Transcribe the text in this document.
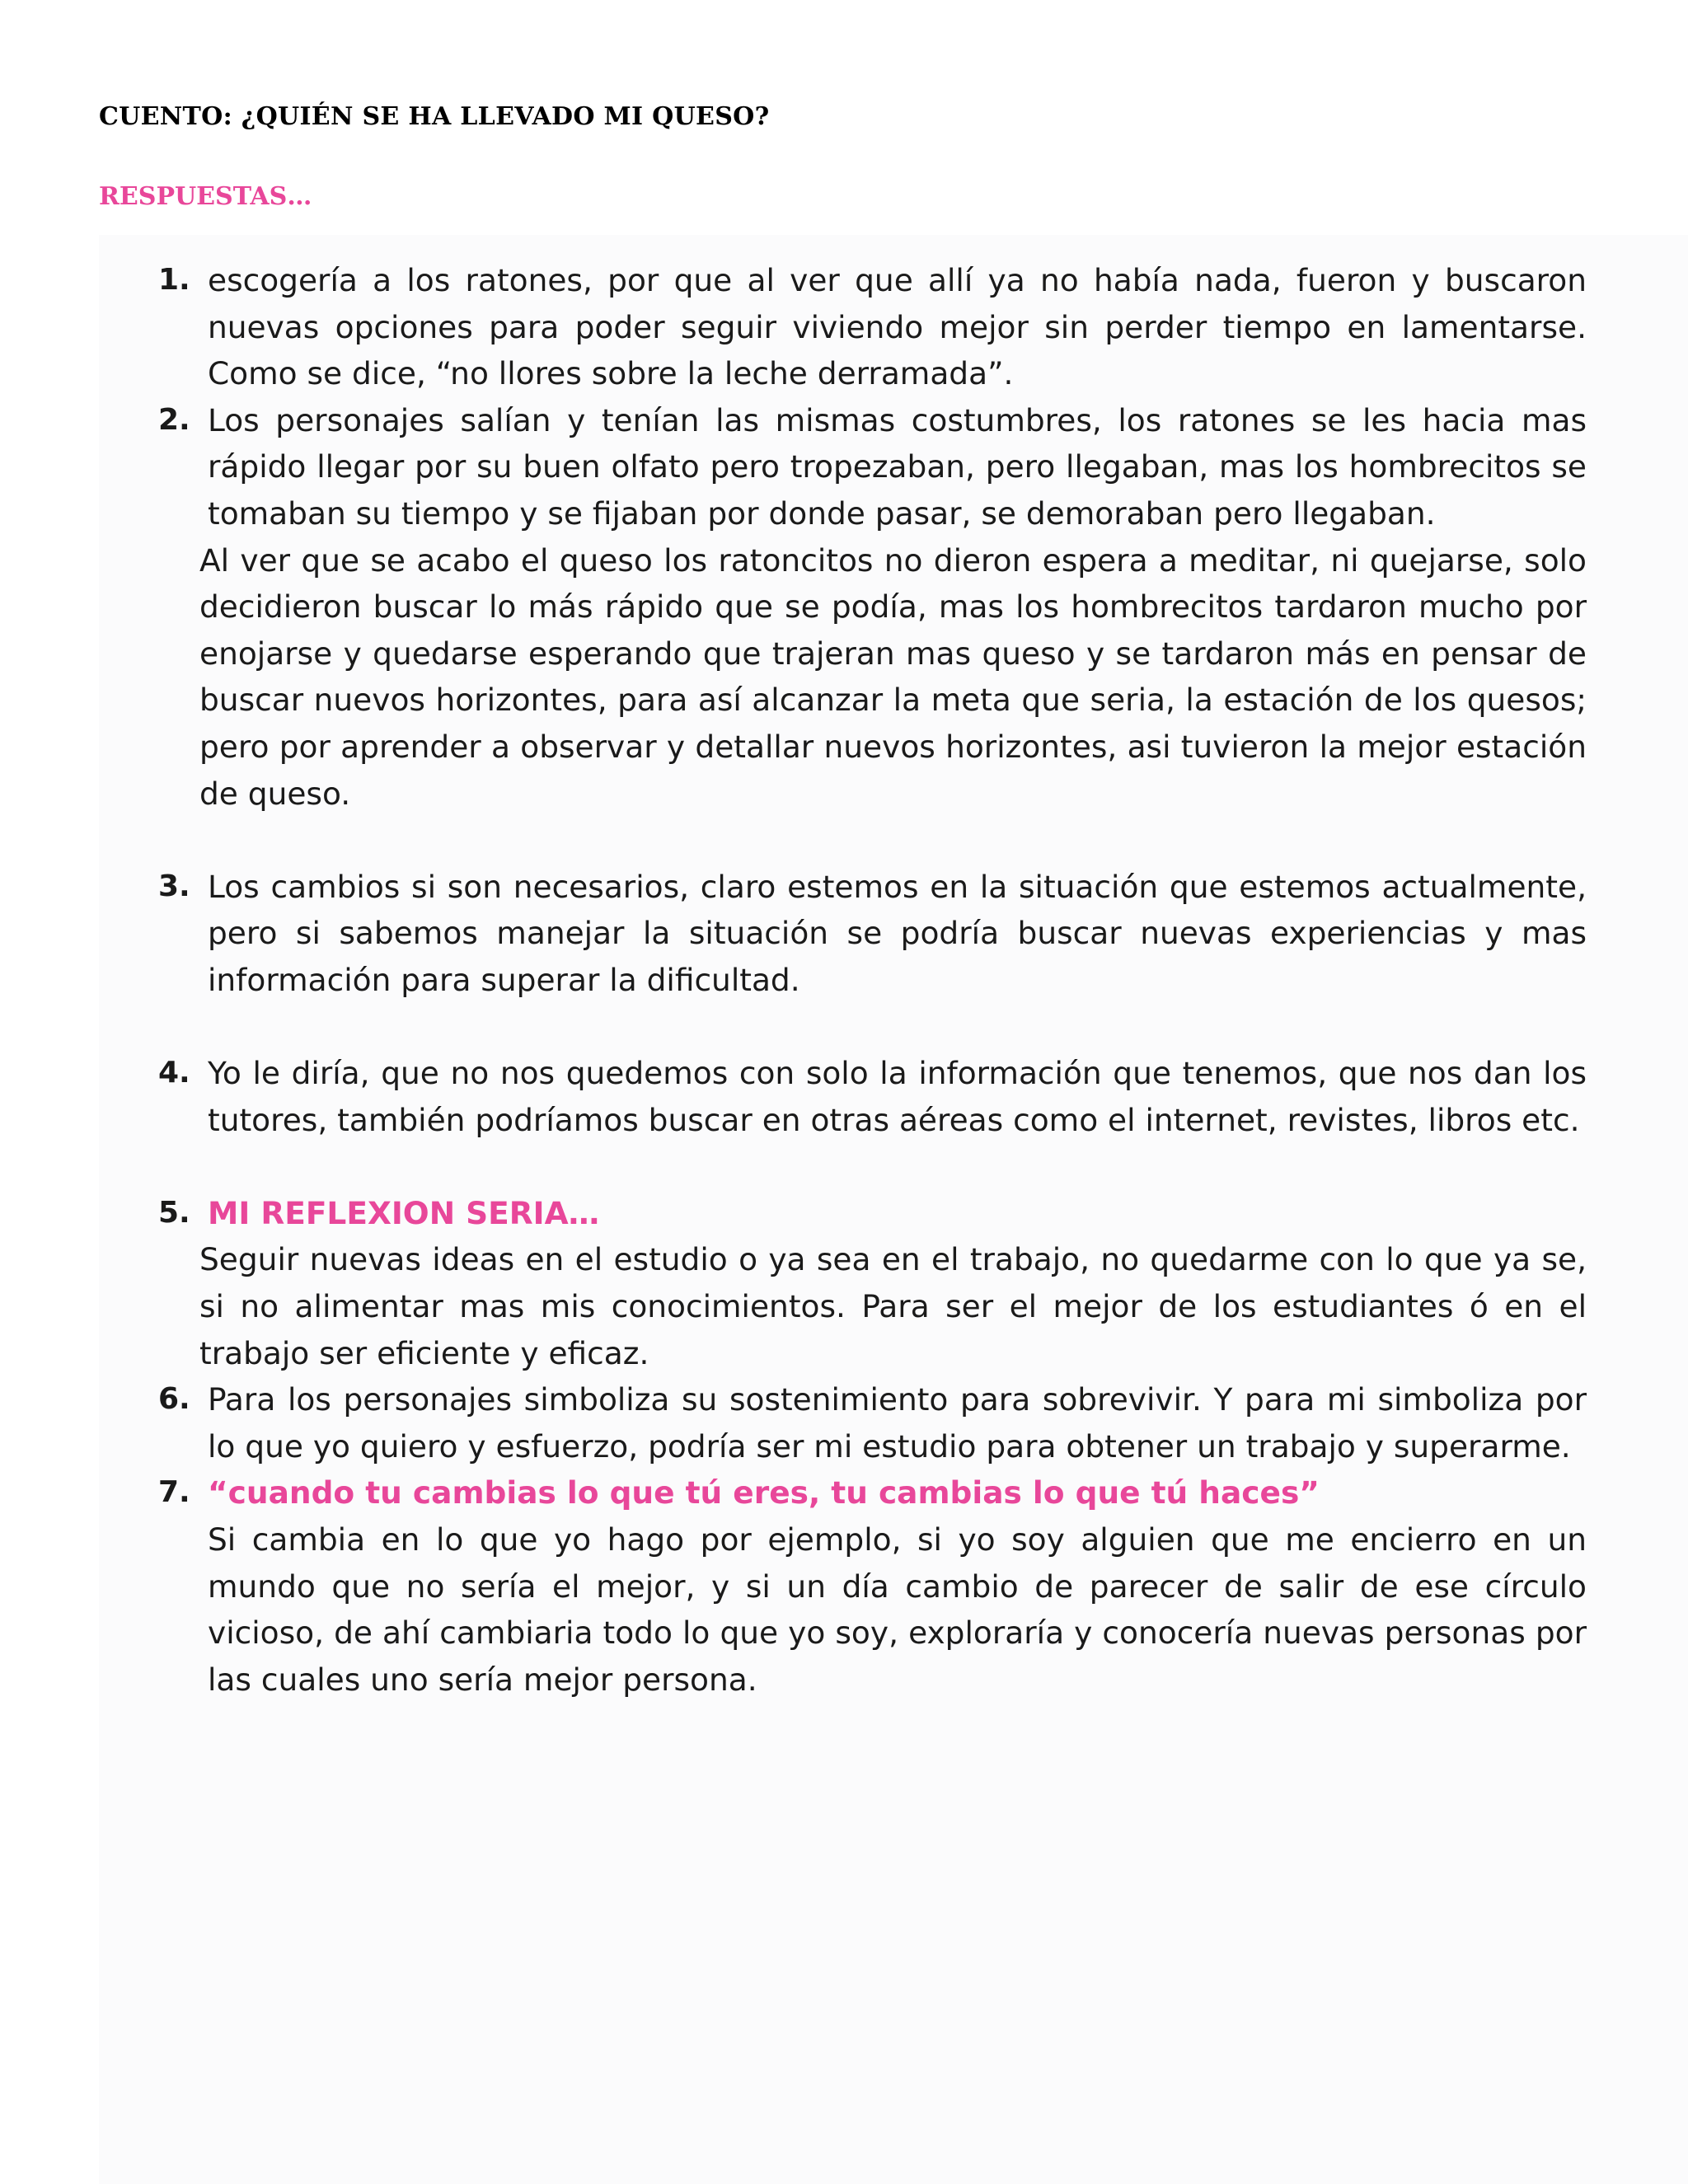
CUENTO: ¿QUIÉN SE HA LLEVADO MI QUESO?
RESPUESTAS…
1. escogería a los ratones, por que al ver que allí ya no había nada, fueron y buscaron nuevas opciones para poder seguir viviendo mejor sin perder tiempo en lamentarse. Como se dice, “no llores sobre la leche derramada”.

2. Los personajes salían y tenían las mismas costumbres, los ratones se les hacia mas rápido llegar por su buen olfato pero tropezaban, pero llegaban, mas los hombrecitos se tomaban su tiempo y se fijaban por donde pasar, se demoraban pero llegaban.

Al ver que se acabo el queso los ratoncitos no dieron espera a meditar, ni quejarse, solo decidieron buscar lo más rápido que se podía, mas los hombrecitos tardaron mucho por enojarse y quedarse esperando que trajeran mas queso y se tardaron más en pensar de buscar nuevos horizontes, para así alcanzar la meta que seria, la estación de los quesos; pero por aprender a observar y detallar nuevos horizontes, asi tuvieron la mejor estación de queso.

3. Los cambios si son necesarios, claro estemos en la situación que estemos actualmente, pero si sabemos manejar la situación se podría buscar nuevas experiencias y mas información para superar la dificultad.

4. Yo le diría, que no nos quedemos con solo la información que tenemos, que nos dan los tutores, también podríamos buscar en otras aéreas como el internet, revistes, libros etc.

5. MI REFLEXION SERIA…

Seguir nuevas ideas en el estudio o ya sea en el trabajo, no quedarme con lo que ya se, si no alimentar mas mis conocimientos. Para ser el mejor de los estudiantes ó en el trabajo ser eficiente y eficaz.

6. Para los personajes simboliza su sostenimiento para sobrevivir. Y para mi simboliza por lo que yo quiero y esfuerzo, podría ser mi estudio para obtener un trabajo y superarme.

7. “cuando tu cambias lo que tú eres, tu cambias lo que tú haces”

Si cambia en lo que yo hago por ejemplo, si yo soy alguien que me encierro en un mundo que no sería el mejor, y si un día cambio de parecer de salir de ese círculo vicioso, de ahí cambiaria todo lo que yo soy, exploraría y conocería nuevas personas por las cuales uno sería mejor persona.
